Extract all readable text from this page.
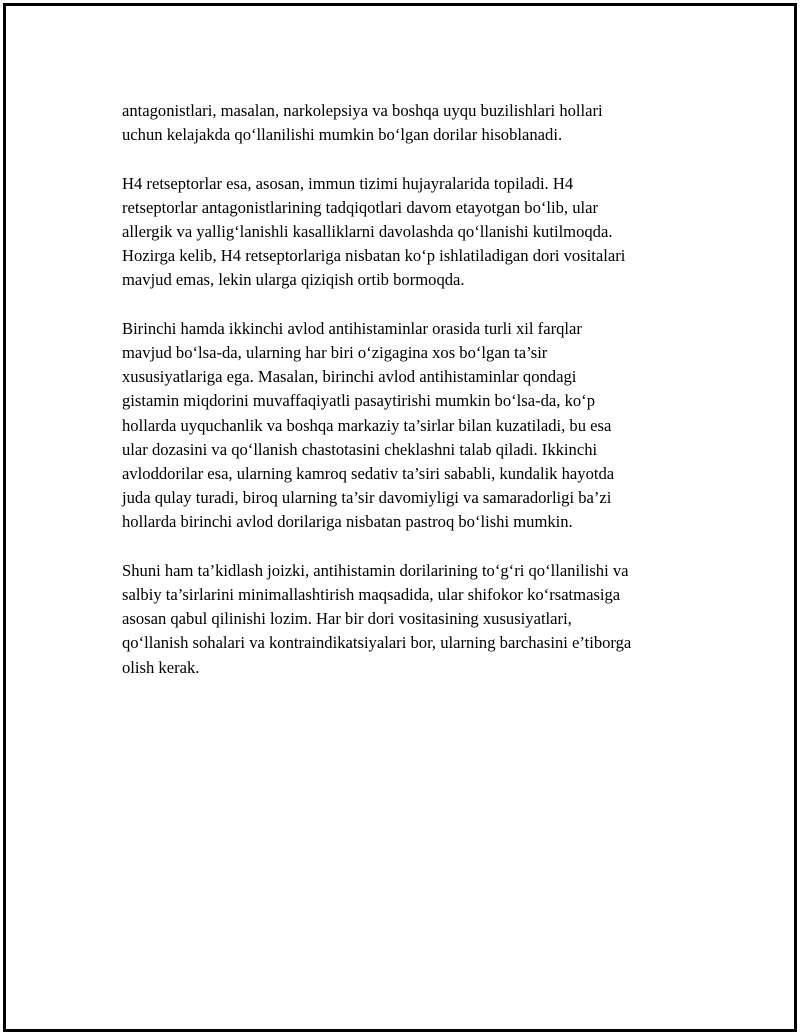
antagonistlari, masalan, narkolepsiya va boshqa uyqu buzilishlari hollari
uchun kelajakda qo‘llanilishi mumkin bo‘lgan dorilar hisoblanadi.
H4 retseptorlar esa, asosan, immun tizimi hujayralarida topiladi. H4
retseptorlar antagonistlarining tadqiqotlari davom etayotgan bo‘lib, ular
allergik va yallig‘lanishli kasalliklarni davolashda qo‘llanishi kutilmoqda.
Hozirga kelib, H4 retseptorlariga nisbatan ko‘p ishlatiladigan dori vositalari
mavjud emas, lekin ularga qiziqish ortib bormoqda.
Birinchi hamda ikkinchi avlod antihistaminlar orasida turli xil farqlar
mavjud bo‘lsa-da, ularning har biri o‘zigagina xos bo‘lgan ta’sir
xususiyatlariga ega. Masalan, birinchi avlod antihistaminlar qondagi
gistamin miqdorini muvaffaqiyatli pasaytirishi mumkin bo‘lsa-da, ko‘p
hollarda uyquchanlik va boshqa markaziy ta’sirlar bilan kuzatiladi, bu esa
ular dozasini va qo‘llanish chastotasini cheklashni talab qiladi. Ikkinchi
avloddorilar esa, ularning kamroq sedativ ta’siri sababli, kundalik hayotda
juda qulay turadi, biroq ularning ta’sir davomiyligi va samaradorligi ba’zi
hollarda birinchi avlod dorilariga nisbatan pastroq bo‘lishi mumkin.
Shuni ham ta’kidlash joizki, antihistamin dorilarining to‘g‘ri qo‘llanilishi va
salbiy ta’sirlarini minimallashtirish maqsadida, ular shifokor ko‘rsatmasiga
asosan qabul qilinishi lozim. Har bir dori vositasining xususiyatlari,
qo‘llanish sohalari va kontraindikatsiyalari bor, ularning barchasini e’tiborga
olish kerak.
